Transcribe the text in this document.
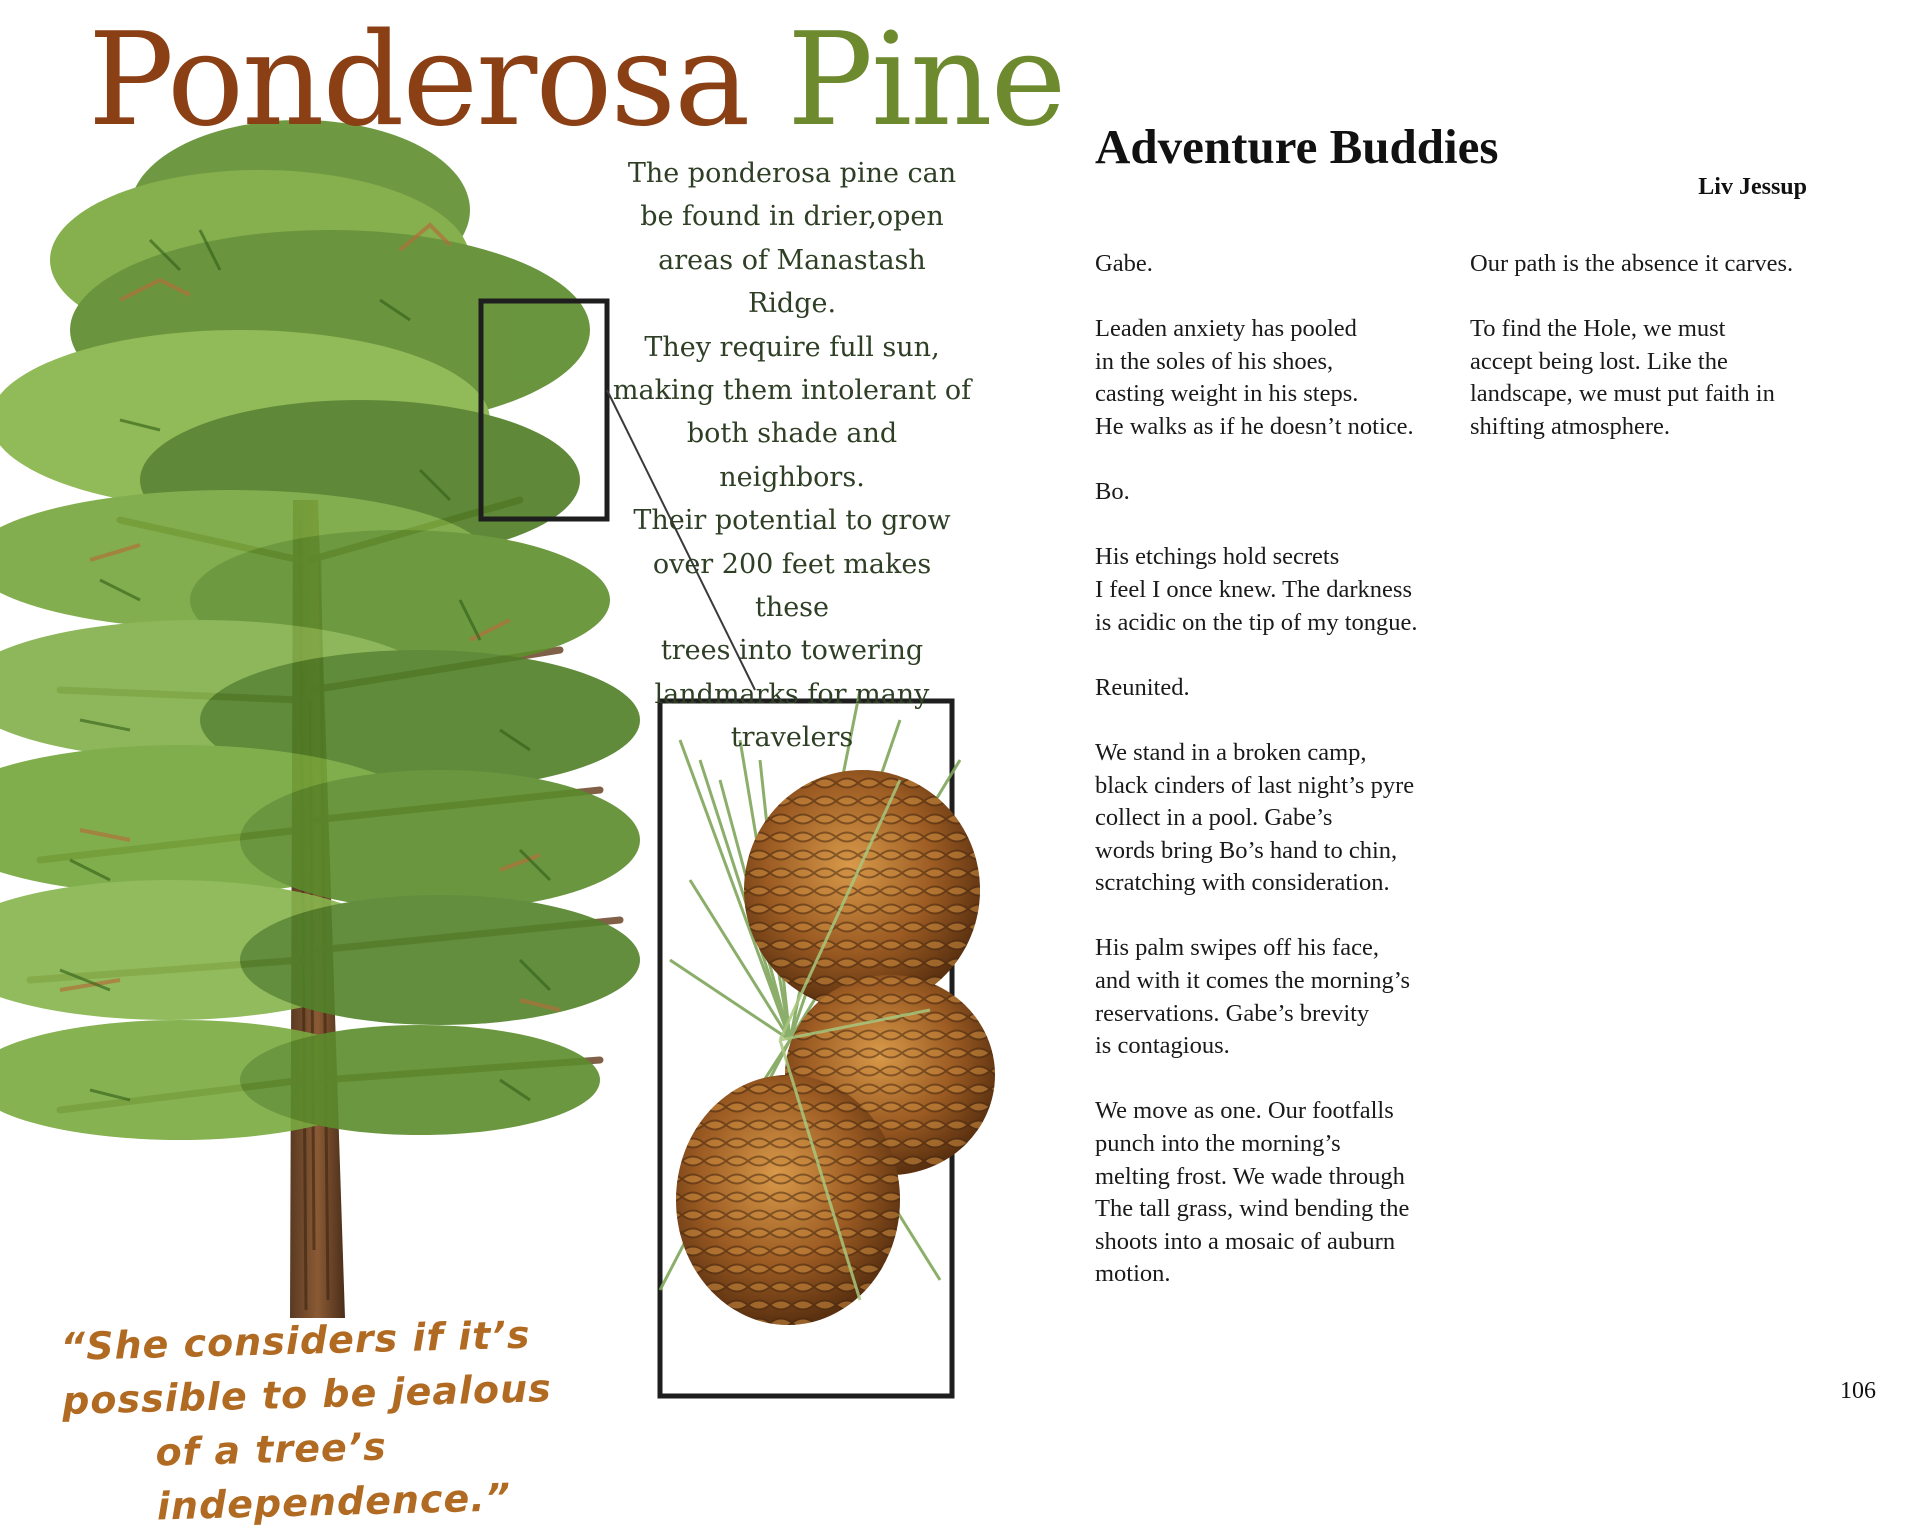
Ponderosa Pine
The ponderosa pine can
be found in drier,open
areas of Manastash Ridge.
They require full sun,
making them intolerant of
both shade and neighbors.
Their potential to grow
over 200 feet makes these
trees into towering
landmarks for many
travelers
“She considers if it’s possible to be jealous
of a tree’s independence.”
Adventure Buddies
Liv Jessup
Gabe.
Leaden anxiety has pooled
in the soles of his shoes,
casting weight in his steps.
He walks as if he doesn’t notice.
Bo.
His etchings hold secrets
I feel I once knew. The darkness
is acidic on the tip of my tongue.
Reunited.
We stand in a broken camp,
black cinders of last night’s pyre
collect in a pool. Gabe’s
words bring Bo’s hand to chin,
scratching with consideration.
His palm swipes off his face,
and with it comes the morning’s
reservations. Gabe’s brevity
is contagious.
We move as one. Our footfalls
punch into the morning’s
melting frost. We wade through
The tall grass, wind bending the
shoots into a mosaic of auburn
motion.
Our path is the absence it carves.
To find the Hole, we must
accept being lost. Like the
landscape, we must put faith in
shifting atmosphere.
106
